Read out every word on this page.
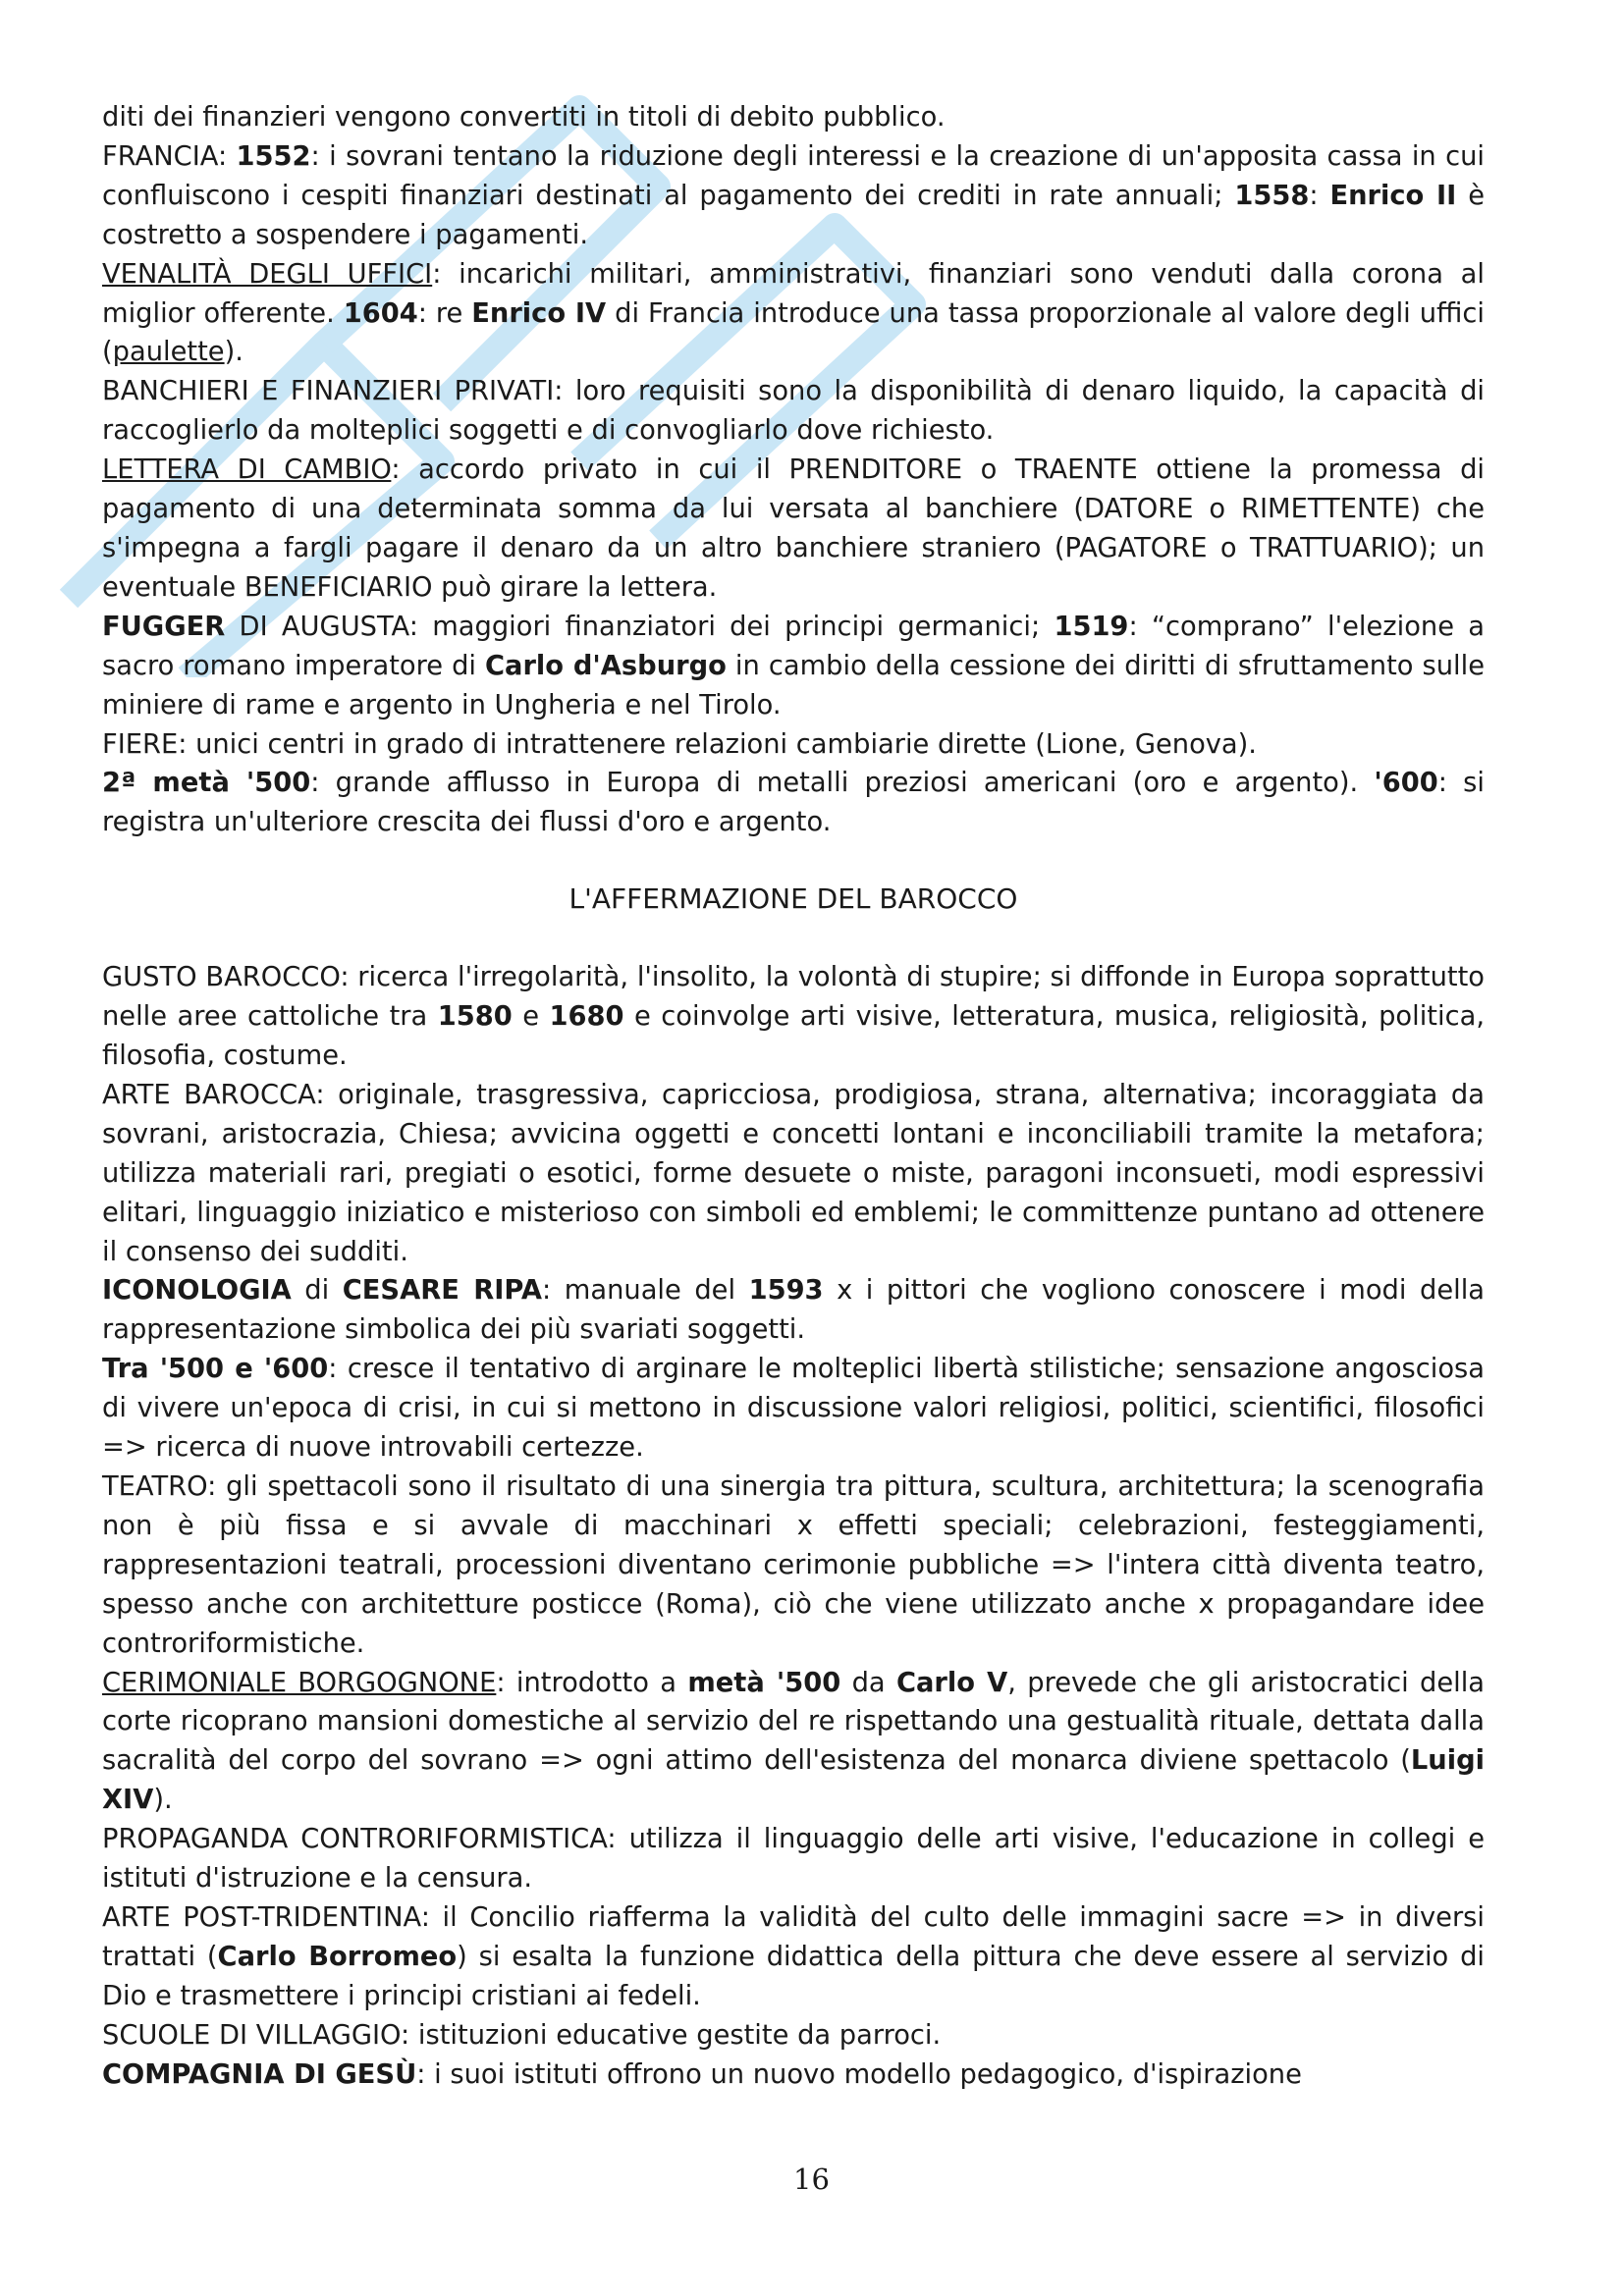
diti dei finanzieri vengono convertiti in titoli di debito pubblico.

FRANCIA: 1552: i sovrani tentano la riduzione degli interessi e la creazione di un'apposita cassa in cui confluiscono i cespiti finanziari destinati al pagamento dei crediti in rate annuali; 1558: Enrico II è costretto a sospendere i pagamenti.

VENALITÀ DEGLI UFFICI: incarichi militari, amministrativi, finanziari sono venduti dalla corona al miglior offerente. 1604: re Enrico IV di Francia introduce una tassa proporzionale al valore degli uffici (paulette).

BANCHIERI E FINANZIERI PRIVATI: loro requisiti sono la disponibilità di denaro liquido, la capacità di raccoglierlo da molteplici soggetti e di convogliarlo dove richiesto.

LETTERA DI CAMBIO: accordo privato in cui il PRENDITORE o TRAENTE ottiene la promessa di pagamento di una determinata somma da lui versata al banchiere (DATORE o RIMETTENTE) che s'impegna a fargli pagare il denaro da un altro banchiere straniero (PAGATORE o TRATTUARIO); un eventuale BENEFICIARIO può girare la lettera.

FUGGER DI AUGUSTA: maggiori finanziatori dei principi germanici; 1519: “comprano” l'elezione a sacro romano imperatore di Carlo d'Asburgo in cambio della cessione dei diritti di sfruttamento sulle miniere di rame e argento in Ungheria e nel Tirolo.

FIERE: unici centri in grado di intrattenere relazioni cambiarie dirette (Lione, Genova).

2ª metà '500: grande afflusso in Europa di metalli preziosi americani (oro e argento). '600: si registra un'ulteriore crescita dei flussi d'oro e argento.

L'AFFERMAZIONE DEL BAROCCO

GUSTO BAROCCO: ricerca l'irregolarità, l'insolito, la volontà di stupire; si diffonde in Europa soprattutto nelle aree cattoliche tra 1580 e 1680 e coinvolge arti visive, letteratura, musica, religiosità, politica, filosofia, costume.

ARTE BAROCCA: originale, trasgressiva, capricciosa, prodigiosa, strana, alternativa; incoraggiata da sovrani, aristocrazia, Chiesa; avvicina oggetti e concetti lontani e inconciliabili tramite la metafora; utilizza materiali rari, pregiati o esotici, forme desuete o miste, paragoni inconsueti, modi espressivi elitari, linguaggio iniziatico e misterioso con simboli ed emblemi; le committenze puntano ad ottenere il consenso dei sudditi.

ICONOLOGIA di CESARE RIPA: manuale del 1593 x i pittori che vogliono conoscere i modi della rappresentazione simbolica dei più svariati soggetti.

Tra '500 e '600: cresce il tentativo di arginare le molteplici libertà stilistiche; sensazione angosciosa di vivere un'epoca di crisi, in cui si mettono in discussione valori religiosi, politici, scientifici, filosofici => ricerca di nuove introvabili certezze.

TEATRO: gli spettacoli sono il risultato di una sinergia tra pittura, scultura, architettura; la scenografia non è più fissa e si avvale di macchinari x effetti speciali; celebrazioni, festeggiamenti, rappresentazioni teatrali, processioni diventano cerimonie pubbliche => l'intera città diventa teatro, spesso anche con architetture posticce (Roma), ciò che viene utilizzato anche x propagandare idee controriformistiche.

CERIMONIALE BORGOGNONE: introdotto a metà '500 da Carlo V, prevede che gli aristocratici della corte ricoprano mansioni domestiche al servizio del re rispettando una gestualità rituale, dettata dalla sacralità del corpo del sovrano => ogni attimo dell'esistenza del monarca diviene spettacolo (Luigi XIV).

PROPAGANDA CONTRORIFORMISTICA: utilizza il linguaggio delle arti visive, l'educazione in collegi e istituti d'istruzione e la censura.

ARTE POST-TRIDENTINA: il Concilio riafferma la validità del culto delle immagini sacre => in diversi trattati (Carlo Borromeo) si esalta la funzione didattica della pittura che deve essere al servizio di Dio e trasmettere i principi cristiani ai fedeli.

SCUOLE DI VILLAGGIO: istituzioni educative gestite da parroci.

COMPAGNIA DI GESÙ: i suoi istituti offrono un nuovo modello pedagogico, d'ispirazione

16
